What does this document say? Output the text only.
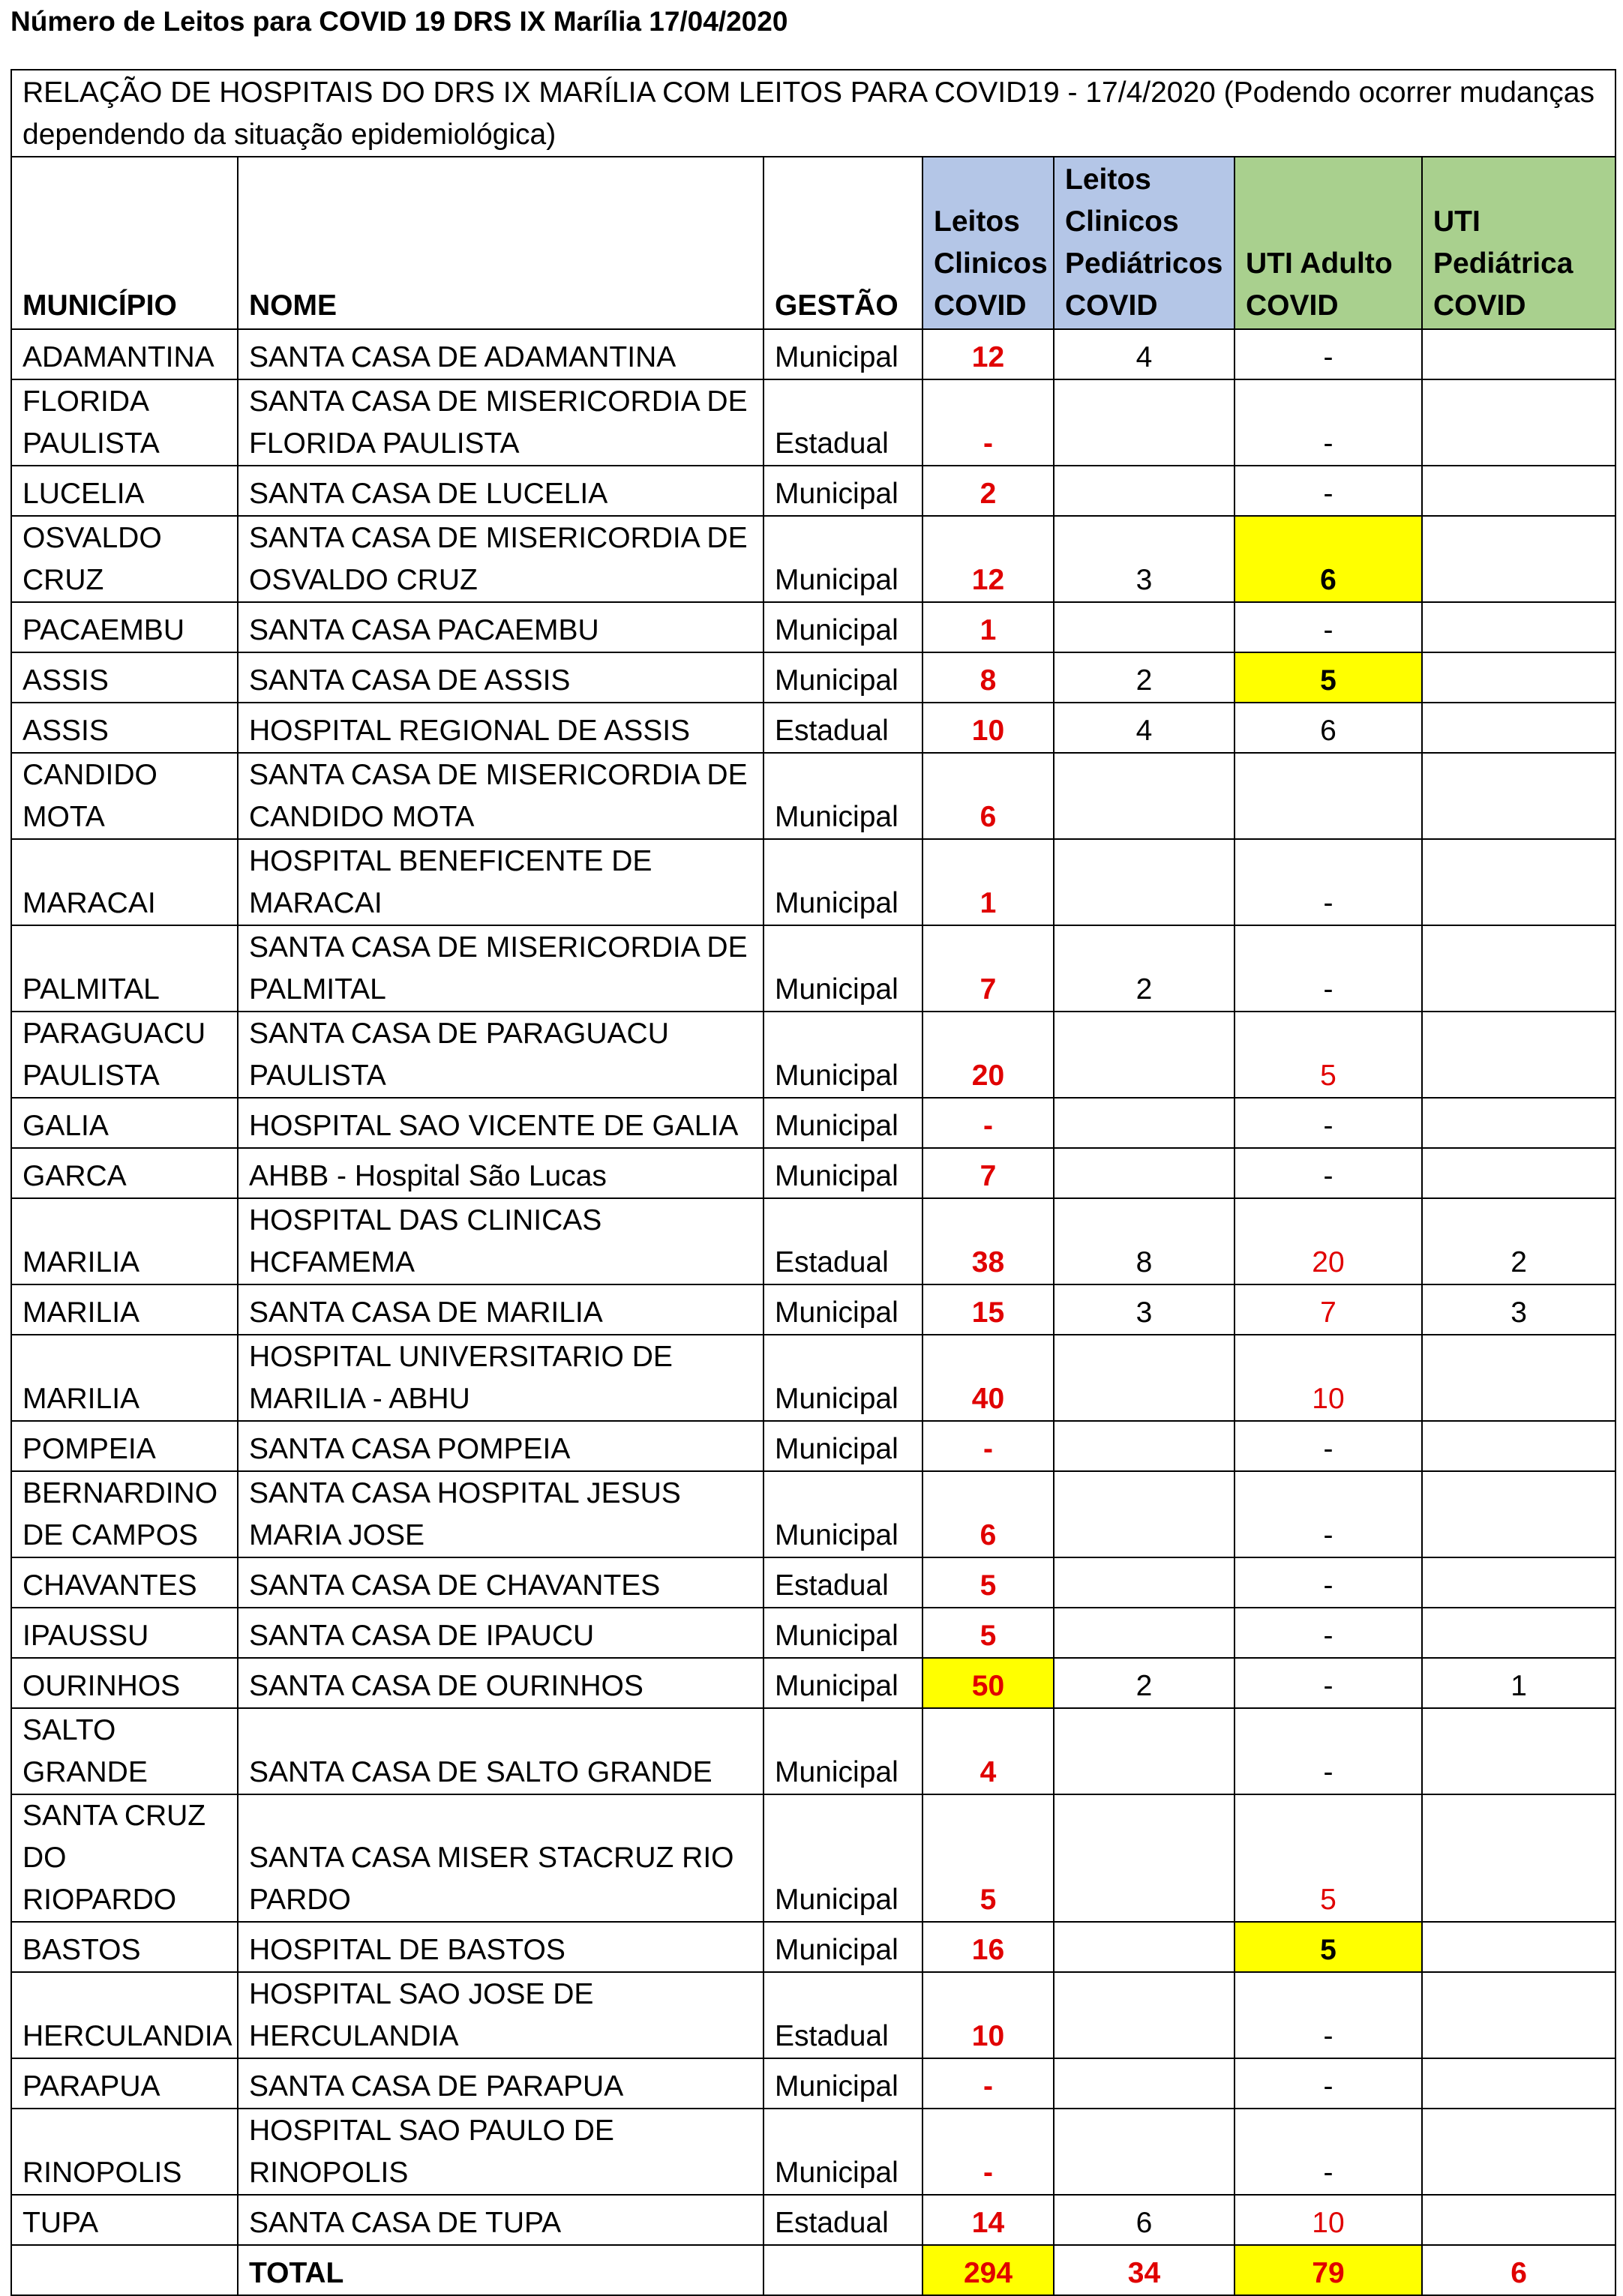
Número de Leitos para COVID 19 DRS IX Marília 17/04/2020
RELAÇÃO DE HOSPITAIS DO DRS IX MARÍLIA COM LEITOS PARA COVID19 - 17/4/2020 (Podendo ocorrer mudanças dependendo da situação epidemiológica)						
MUNICÍPIO	NOME	GESTÃO	Leitos Clinicos COVID	Leitos Clinicos Pediátricos COVID	UTI Adulto COVID	UTI Pediátrica COVID
ADAMANTINA	SANTA CASA DE ADAMANTINA	Municipal	12	4	-	
FLORIDA PAULISTA	SANTA CASA DE MISERICORDIA DE FLORIDA PAULISTA	Estadual	-		-	
LUCELIA	SANTA CASA DE LUCELIA	Municipal	2		-	
OSVALDO CRUZ	SANTA CASA DE MISERICORDIA DE OSVALDO CRUZ	Municipal	12	3	6	
PACAEMBU	SANTA CASA PACAEMBU	Municipal	1		-	
ASSIS	SANTA CASA DE ASSIS	Municipal	8	2	5	
ASSIS	HOSPITAL REGIONAL DE ASSIS	Estadual	10	4	6	
CANDIDO MOTA	SANTA CASA DE MISERICORDIA DE CANDIDO MOTA	Municipal	6			
MARACAI	HOSPITAL BENEFICENTE DE MARACAI	Municipal	1		-	
PALMITAL	SANTA CASA DE MISERICORDIA DE PALMITAL	Municipal	7	2	-	
PARAGUACU PAULISTA	SANTA CASA DE PARAGUACU PAULISTA	Municipal	20		5	
GALIA	HOSPITAL SAO VICENTE DE GALIA	Municipal	-		-	
GARCA	AHBB - Hospital São Lucas	Municipal	7		-	
MARILIA	HOSPITAL DAS CLINICAS HCFAMEMA	Estadual	38	8	20	2
MARILIA	SANTA CASA DE MARILIA	Municipal	15	3	7	3
MARILIA	HOSPITAL UNIVERSITARIO DE MARILIA - ABHU	Municipal	40		10	
POMPEIA	SANTA CASA POMPEIA	Municipal	-		-	
BERNARDINO DE CAMPOS	SANTA CASA HOSPITAL JESUS MARIA JOSE	Municipal	6		-	
CHAVANTES	SANTA CASA DE CHAVANTES	Estadual	5		-	
IPAUSSU	SANTA CASA DE IPAUCU	Municipal	5		-	
OURINHOS	SANTA CASA DE OURINHOS	Municipal	50	2	-	1
SALTO GRANDE	SANTA CASA DE SALTO GRANDE	Municipal	4		-	
SANTA CRUZ DO RIOPARDO	SANTA CASA MISER STACRUZ RIO PARDO	Municipal	5		5	
BASTOS	HOSPITAL DE BASTOS	Municipal	16		5	
HERCULANDIA	HOSPITAL SAO JOSE DE HERCULANDIA	Estadual	10		-	
PARAPUA	SANTA CASA DE PARAPUA	Municipal	-		-	
RINOPOLIS	HOSPITAL SAO PAULO DE RINOPOLIS	Municipal	-		-	
TUPA	SANTA CASA DE TUPA	Estadual	14	6	10	
	TOTAL		294	34	79	6
